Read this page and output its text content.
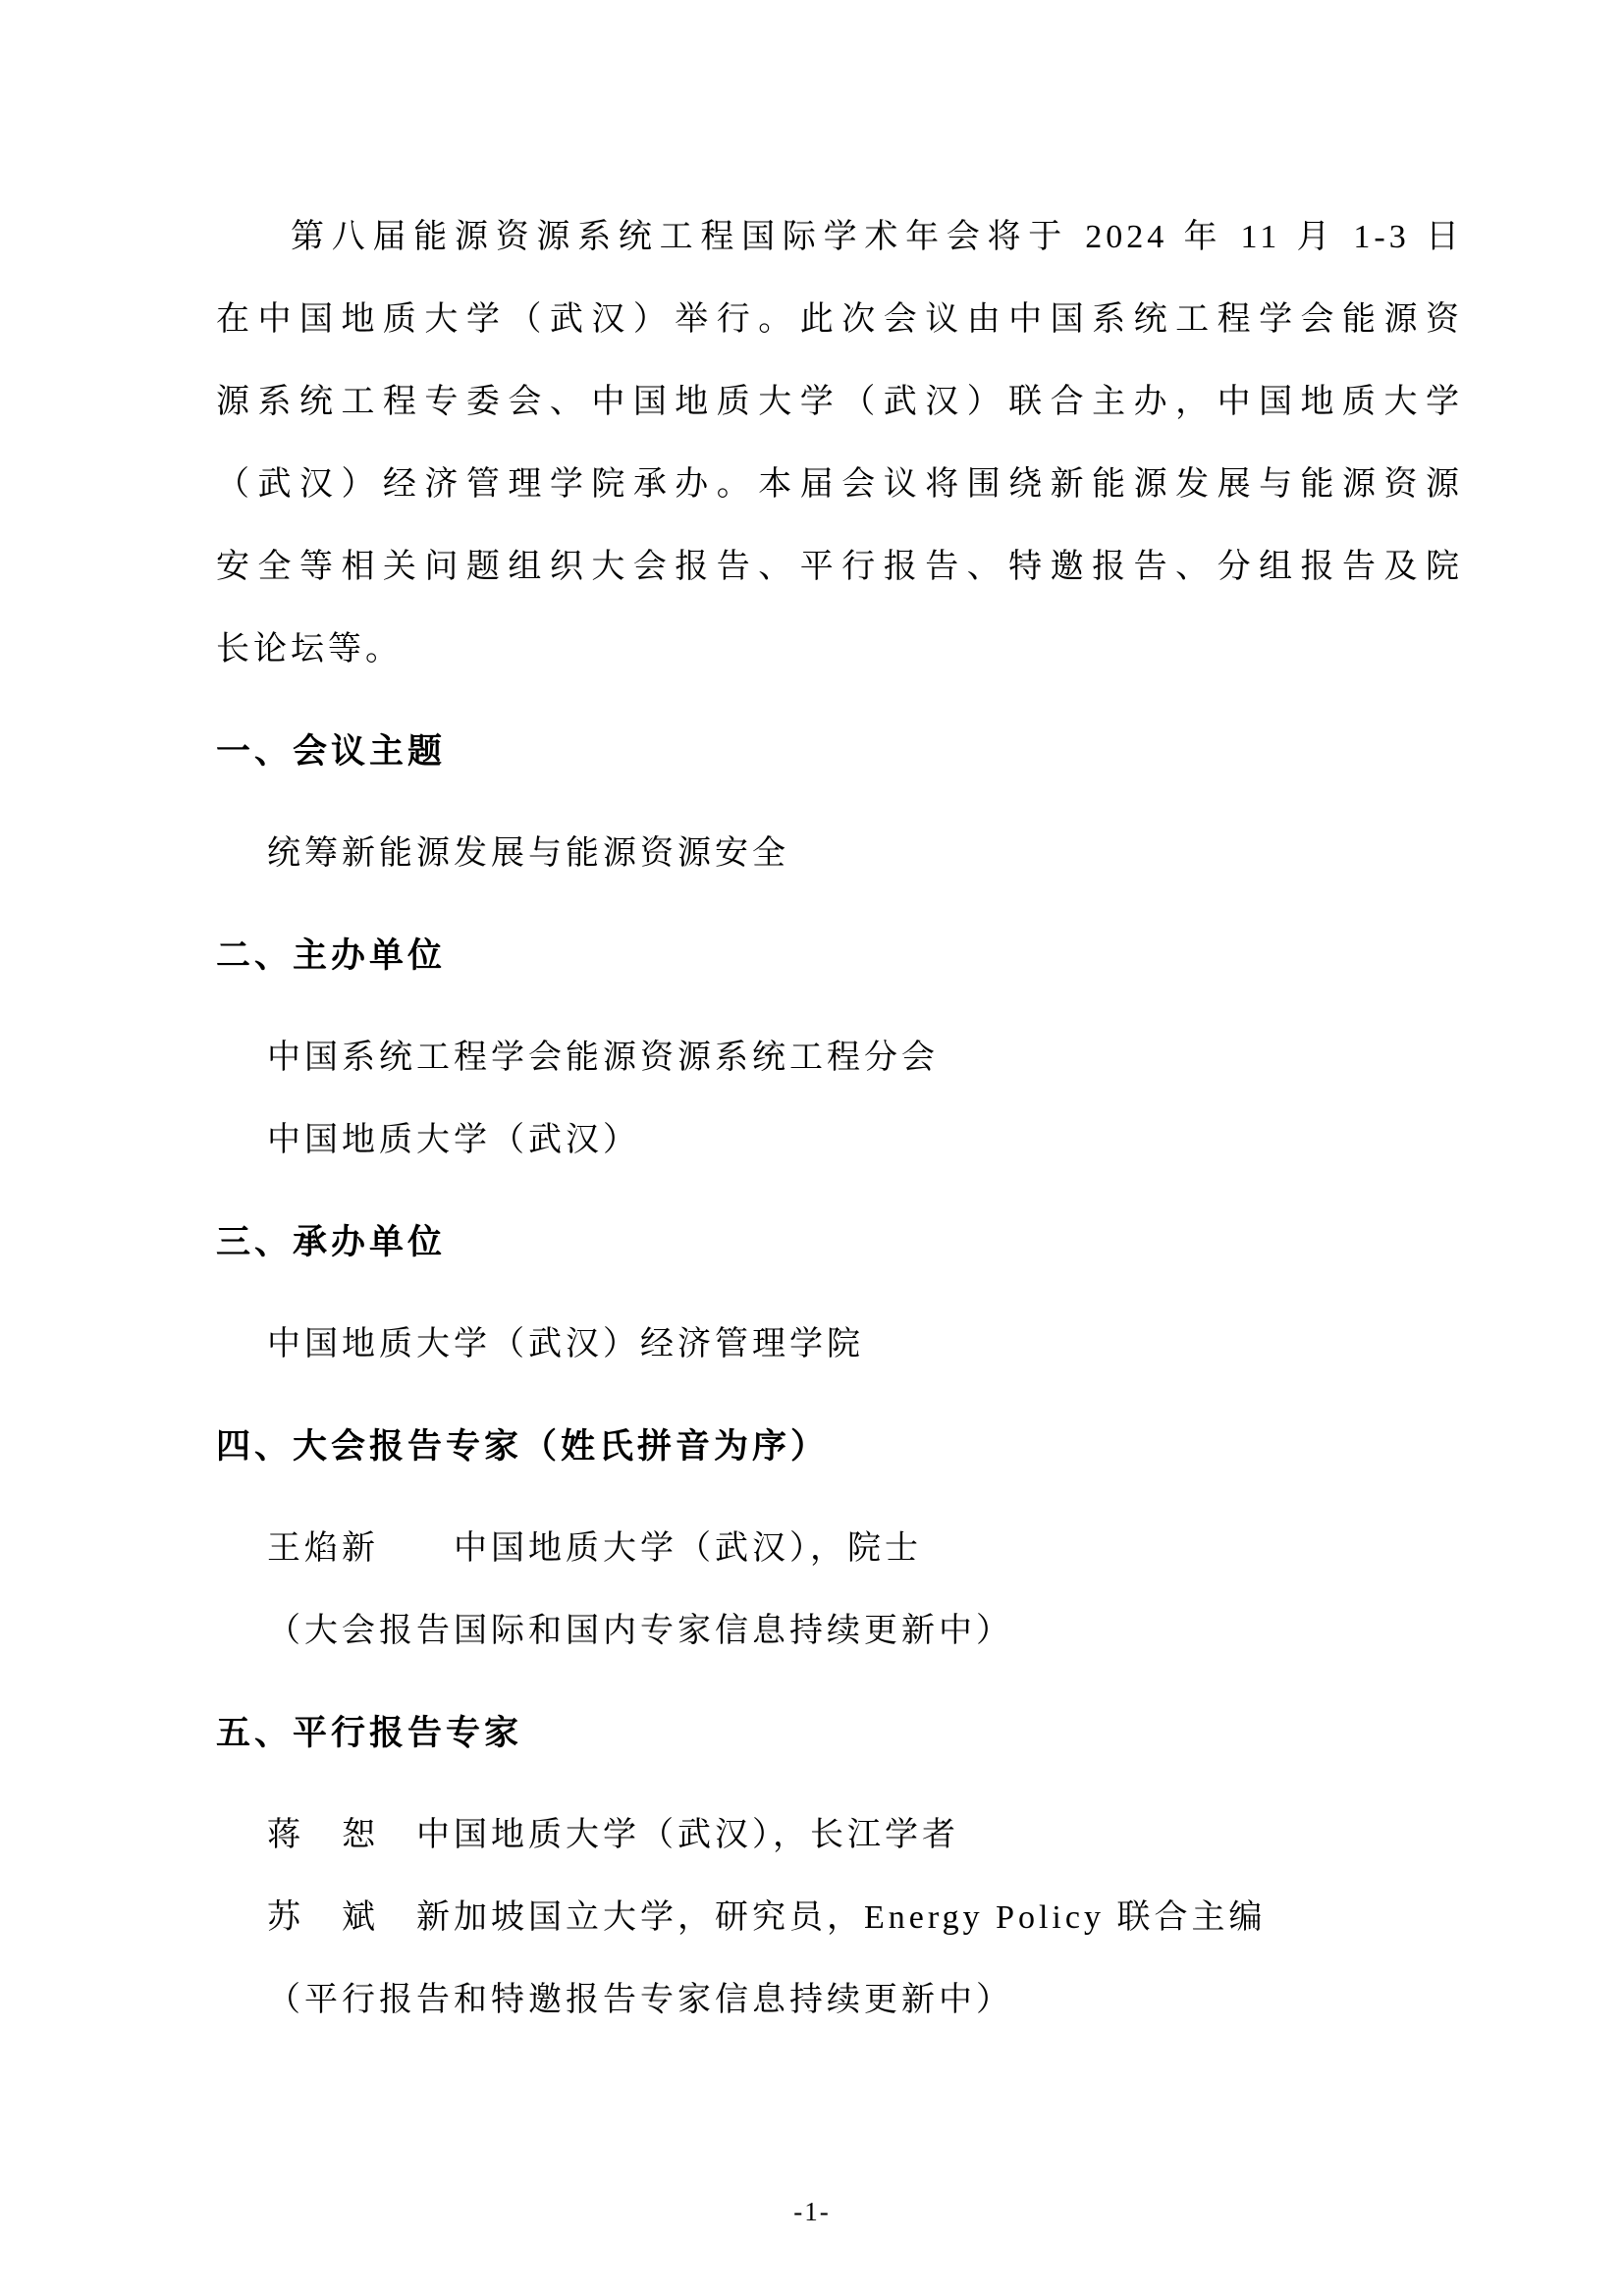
第八届能源资源系统工程国际学术年会将于 2024 年 11 月 1-3 日
在中国地质大学（武汉）举行。此次会议由中国系统工程学会能源资
源系统工程专委会、中国地质大学（武汉）联合主办，中国地质大学
（武汉）经济管理学院承办。本届会议将围绕新能源发展与能源资源
安全等相关问题组织大会报告、平行报告、特邀报告、分组报告及院
长论坛等。
一、会议主题

统筹新能源发展与能源资源安全

二、主办单位

中国系统工程学会能源资源系统工程分会

中国地质大学（武汉）

三、承办单位

中国地质大学（武汉）经济管理学院

四、大会报告专家（姓氏拼音为序）

王焰新　　中国地质大学（武汉），院士

（大会报告国际和国内专家信息持续更新中）

五、平行报告专家

蒋　恕　中国地质大学（武汉），长江学者

苏　斌　新加坡国立大学，研究员，Energy Policy 联合主编

（平行报告和特邀报告专家信息持续更新中）

-1-
